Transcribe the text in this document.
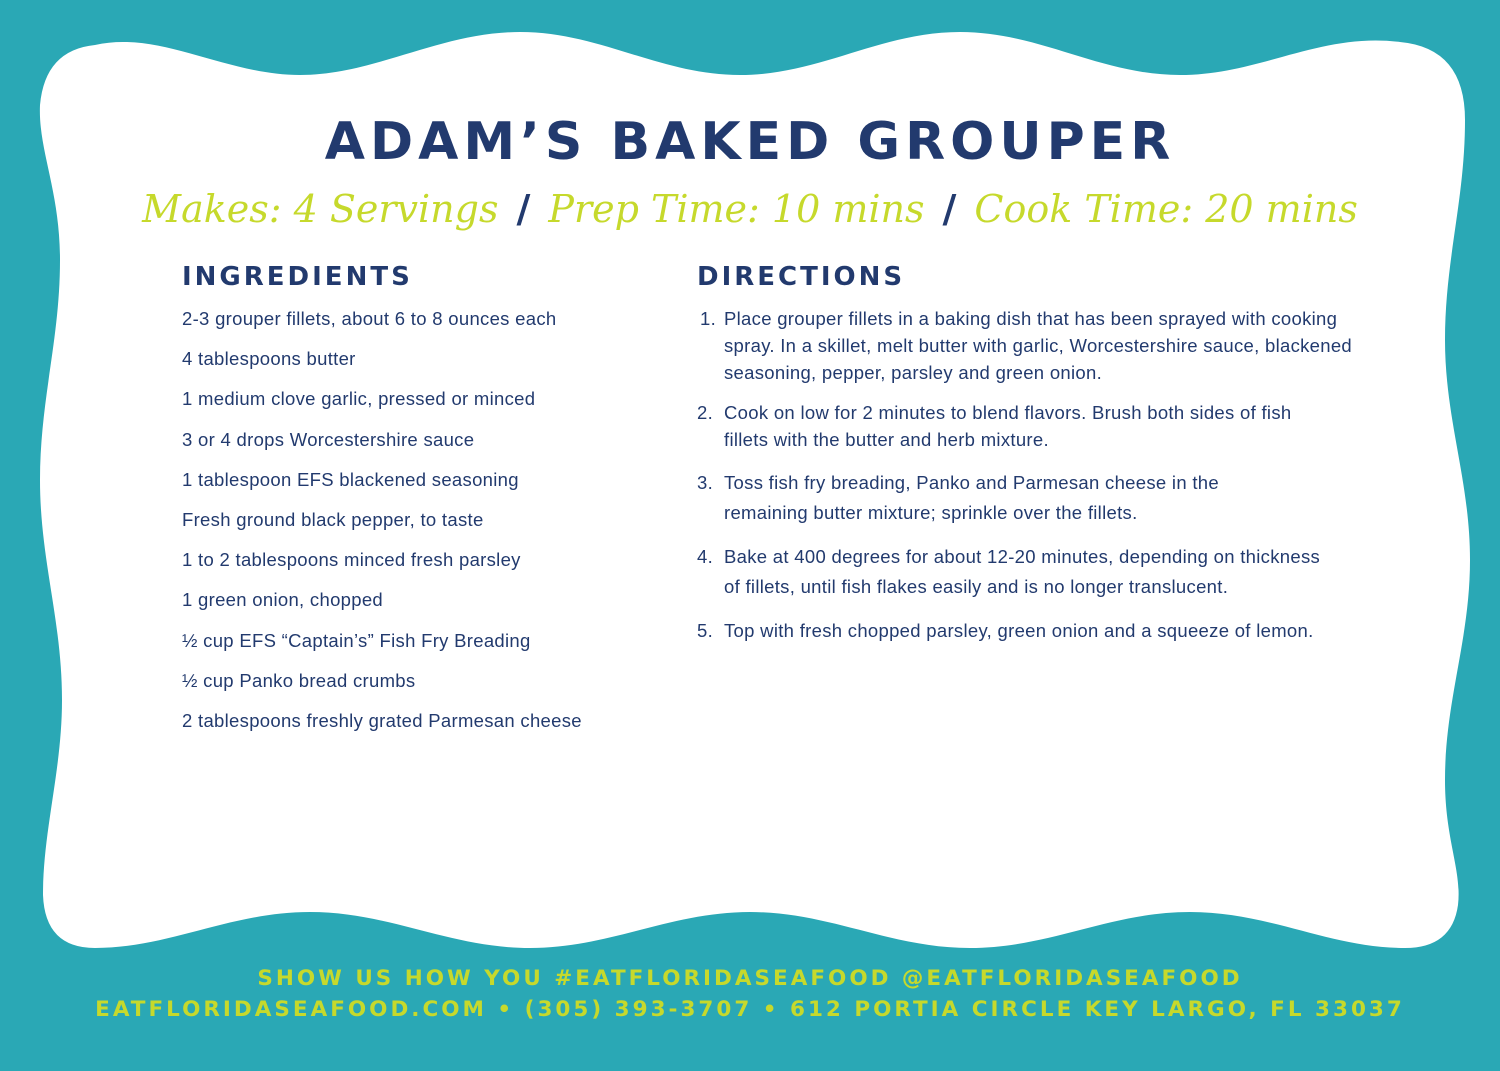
ADAM’S BAKED GROUPER
Makes: 4 Servings / Prep Time: 10 mins / Cook Time: 20 mins
INGREDIENTS
2-3 grouper fillets, about 6 to 8 ounces each
4 tablespoons butter
1 medium clove garlic, pressed or minced
3 or 4 drops Worcestershire sauce
1 tablespoon EFS blackened seasoning
Fresh ground black pepper, to taste
1 to 2 tablespoons minced fresh parsley
1 green onion, chopped
½ cup EFS “Captain’s” Fish Fry Breading
½ cup Panko bread crumbs
2 tablespoons freshly grated Parmesan cheese
DIRECTIONS
1. Place grouper fillets in a baking dish that has been sprayed with cooking spray. In a skillet, melt butter with garlic, Worcestershire sauce, blackened seasoning, pepper, parsley and green onion.
2. Cook on low for 2 minutes to blend flavors. Brush both sides of fish fillets with the butter and herb mixture.
3. Toss fish fry breading, Panko and Parmesan cheese in the remaining butter mixture; sprinkle over the fillets.
4. Bake at 400 degrees for about 12-20 minutes, depending on thickness of fillets, until fish flakes easily and is no longer translucent.
5. Top with fresh chopped parsley, green onion and a squeeze of lemon.
SHOW US HOW YOU #EATFLORIDASEAFOOD @EATFLORIDASEAFOOD
EATFLORIDASEAFOOD.COM • (305) 393-3707 • 612 PORTIA CIRCLE KEY LARGO, FL 33037
